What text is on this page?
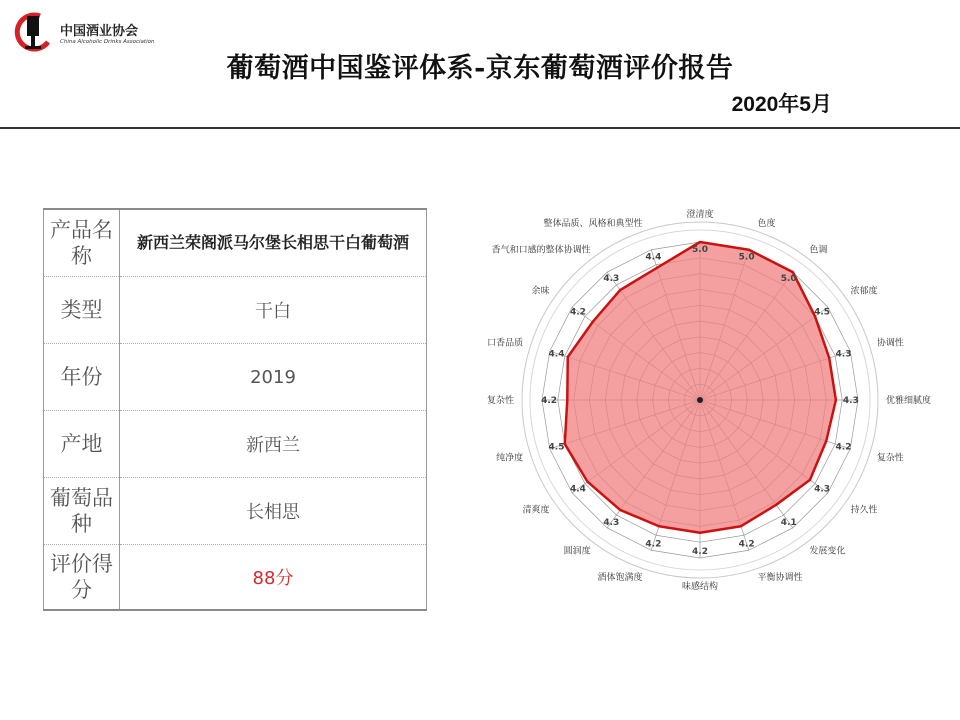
中国酒业协会
China Alcoholic Drinks Association
葡萄酒中国鉴评体系-京东葡萄酒评价报告
2020年5月
产品名称	新西兰荣阁派马尔堡长相思干白葡萄酒
类型	干白
年份	2019
产地	新西兰
葡萄品种	长相思
评价得分	88分
5.0
5.0
5.0
4.5
4.3
4.3
4.2
4.3
4.1
4.2
4.2
4.2
4.3
4.4
4.5
4.2
4.4
4.2
4.3
4.4
澄清度
色度
色调
浓郁度
协调性
优雅细腻度
复杂性
持久性
发展变化
平衡协调性
味感结构
酒体饱满度
圆润度
清爽度
纯净度
复杂性
口香品质
余味
香气和口感的整体协调性
整体品质、风格和典型性
